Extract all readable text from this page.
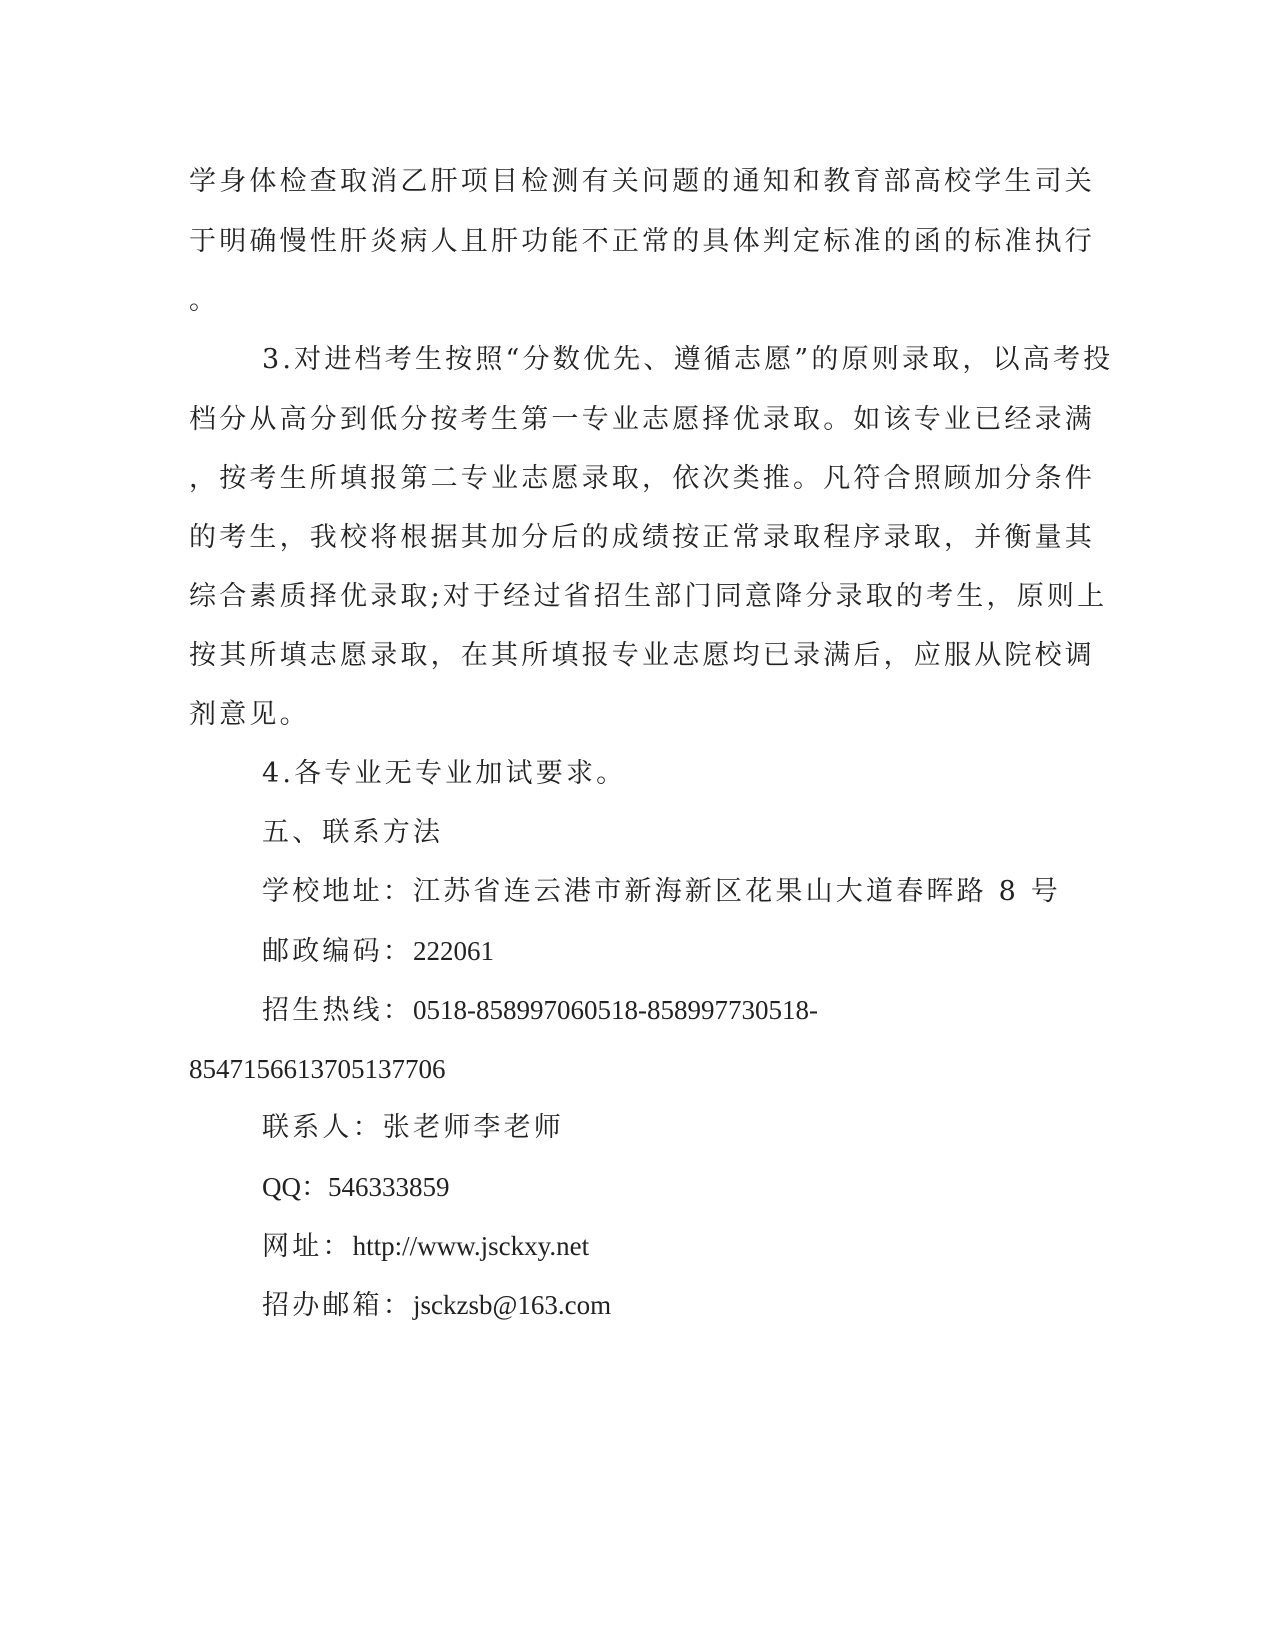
学身体检查取消乙肝项目检测有关问题的通知和教育部高校学生司关
于明确慢性肝炎病人且肝功能不正常的具体判定标准的函的标准执行
。
3.对进档考生按照“分数优先、遵循志愿”的原则录取，以高考投
档分从高分到低分按考生第一专业志愿择优录取。如该专业已经录满
，按考生所填报第二专业志愿录取，依次类推。凡符合照顾加分条件
的考生，我校将根据其加分后的成绩按正常录取程序录取，并衡量其
综合素质择优录取;对于经过省招生部门同意降分录取的考生，原则上
按其所填志愿录取，在其所填报专业志愿均已录满后，应服从院校调
剂意见。
4.各专业无专业加试要求。
五、联系方法
学校地址：江苏省连云港市新海新区花果山大道春晖路 8 号
邮政编码：222061
招生热线：0518-858997060518-858997730518-
8547156613705137706
联系人：张老师李老师
QQ：546333859
网址：http://www.jsckxy.net
招办邮箱：jsckzsb@163.com
